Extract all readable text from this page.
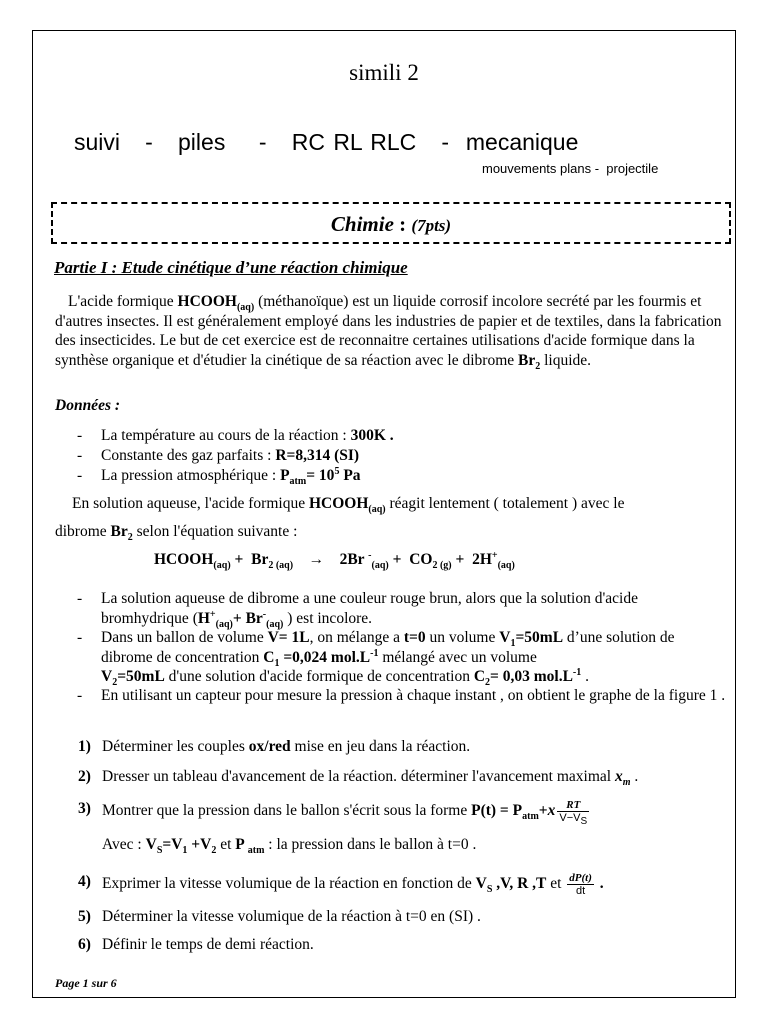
simili 2
suivi   -   piles    -   RC RL RLC   -  mecanique
mouvements plans -  projectile
Chimie : (7pts)
Partie I : Etude cinétique d’une réaction chimique
L'acide formique $HCOOH_{(aq)}$ (méthanoïque) est un liquide corrosif incolore secrété par les fourmis et d'autres insectes. Il est généralement employé dans les industries de papier et de textiles, dans la fabrication des insecticides. Le but de cet exercice est de reconnaitre certaines utilisations d'acide formique dans la synthèse organique et d'étudier la cinétique de sa réaction avec le dibrome $Br_2$ liquide.
Données :
- La température au cours de la réaction : 300K .
- Constante des gaz parfaits : R=8,314 (SI)
- La pression atmosphérique : $P_{atm}= 10^5$ Pa
En solution aqueuse, l'acide formique $HCOOH_{(aq)}$ réagit lentement ( totalement ) avec le
dibrome $Br_2$ selon l'équation suivante :
$HCOOH_{(aq)} + Br_{2 (aq)}$    →    2Br $^-_{(aq)} + CO_{2 (g)} + 2H^+_{(aq)}$
- La solution aqueuse de dibrome a une couleur rouge brun, alors que la solution d'acide bromhydrique ($H^+_{(aq)}+ Br^-_{(aq)}$ ) est incolore.
- Dans un ballon de volume V= 1L, on mélange a t=0 un volume $V_1=50mL$ d’une solution de dibrome de concentration $C_1 =0,024$ $mol.L^{-1}$ mélangé avec un volume
$V_2=50mL$ d'une solution d'acide formique de concentration $C_2= 0,03$ $mol.L^{-1}$ .
- En utilisant un capteur pour mesure la pression à chaque instant , on obtient le graphe de la figure 1 .
1) Déterminer les couples ox/red mise en jeu dans la réaction.
2) Dresser un tableau d'avancement de la réaction. déterminer l'avancement maximal $x_m$ .
3) Montrer que la pression dans le ballon s'écrit sous la forme $P(t) = P_{atm}+x \frac{RT}{V-V_S}$
Avec : $V_S=V_1 +V_2$ et P $_{atm}$ : la pression dans le ballon à t=0 .
4) Exprimer la vitesse volumique de la réaction en fonction de $V_S$ ,V, R ,T et $\frac{dP(t)}{dt}$ .
5) Déterminer la vitesse volumique de la réaction à t=0 en (SI) .
6) Définir le temps de demi réaction.
Page 1 sur 6
